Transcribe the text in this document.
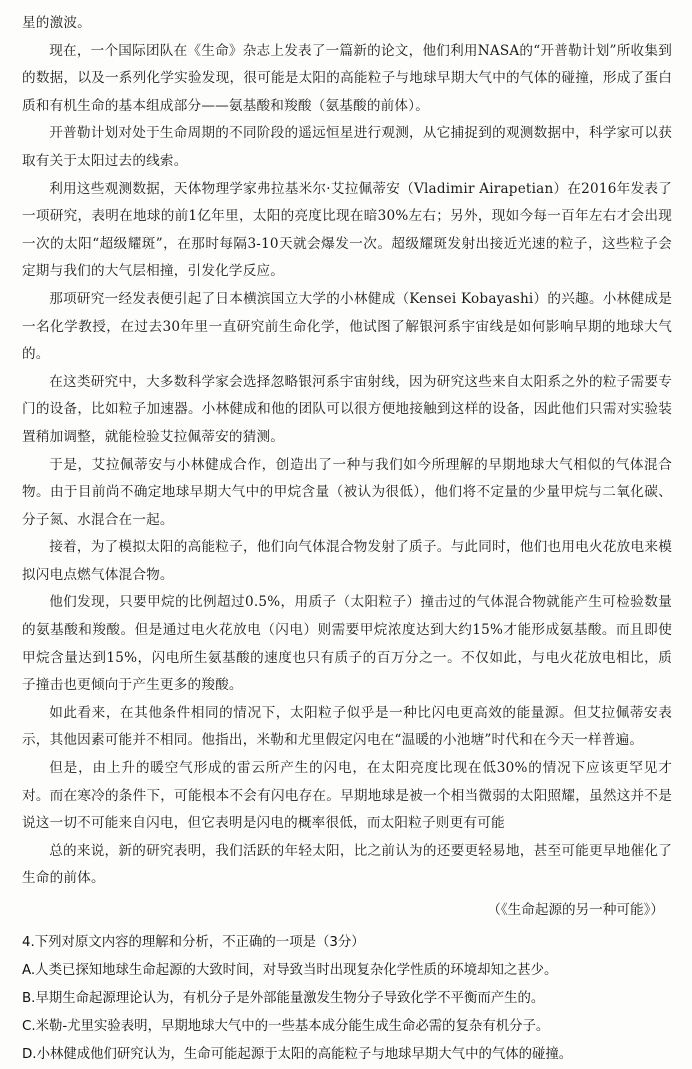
星的激波。

现在，一个国际团队在《生命》杂志上发表了一篇新的论文，他们利用NASA的“开普勒计划”所收集到的数据，以及一系列化学实验发现，很可能是太阳的高能粒子与地球早期大气中的气体的碰撞，形成了蛋白质和有机生命的基本组成部分——氨基酸和羧酸（氨基酸的前体）。

开普勒计划对处于生命周期的不同阶段的遥远恒星进行观测，从它捕捉到的观测数据中，科学家可以获取有关于太阳过去的线索。

利用这些观测数据，天体物理学家弗拉基米尔·艾拉佩蒂安（Vladimir Airapetian）在2016年发表了一项研究，表明在地球的前1亿年里，太阳的亮度比现在暗30%左右；另外，现如今每一百年左右才会出现一次的太阳“超级耀斑”，在那时每隔3-10天就会爆发一次。超级耀斑发射出接近光速的粒子，这些粒子会定期与我们的大气层相撞，引发化学反应。

那项研究一经发表便引起了日本横滨国立大学的小林健成（Kensei Kobayashi）的兴趣。小林健成是一名化学教授，在过去30年里一直研究前生命化学，他试图了解银河系宇宙线是如何影响早期的地球大气的。

在这类研究中，大多数科学家会选择忽略银河系宇宙射线，因为研究这些来自太阳系之外的粒子需要专门的设备，比如粒子加速器。小林健成和他的团队可以很方便地接触到这样的设备，因此他们只需对实验装置稍加调整，就能检验艾拉佩蒂安的猜测。

于是，艾拉佩蒂安与小林健成合作，创造出了一种与我们如今所理解的早期地球大气相似的气体混合物。由于目前尚不确定地球早期大气中的甲烷含量（被认为很低），他们将不定量的少量甲烷与二氧化碳、分子氮、水混合在一起。

接着，为了模拟太阳的高能粒子，他们向气体混合物发射了质子。与此同时，他们也用电火花放电来模拟闪电点燃气体混合物。

他们发现，只要甲烷的比例超过0.5%，用质子（太阳粒子）撞击过的气体混合物就能产生可检验数量的氨基酸和羧酸。但是通过电火花放电（闪电）则需要甲烷浓度达到大约15%才能形成氨基酸。而且即使甲烷含量达到15%，闪电所生氨基酸的速度也只有质子的百万分之一。不仅如此，与电火花放电相比，质子撞击也更倾向于产生更多的羧酸。

如此看来，在其他条件相同的情况下，太阳粒子似乎是一种比闪电更高效的能量源。但艾拉佩蒂安表示，其他因素可能并不相同。他指出，米勒和尤里假定闪电在“温暖的小池塘”时代和在今天一样普遍。

但是，由上升的暖空气形成的雷云所产生的闪电，在太阳亮度比现在低30%的情况下应该更罕见才对。而在寒冷的条件下，可能根本不会有闪电存在。早期地球是被一个相当微弱的太阳照耀，虽然这并不是说这一切不可能来自闪电，但它表明是闪电的概率很低，而太阳粒子则更有可能

总的来说，新的研究表明，我们活跃的年轻太阳，比之前认为的还要更轻易地，甚至可能更早地催化了生命的前体。

（《生命起源的另一种可能》）

4.下列对原文内容的理解和分析，不正确的一项是（3分）

A.人类已探知地球生命起源的大致时间，对导致当时出现复杂化学性质的环境却知之甚少。

B.早期生命起源理论认为，有机分子是外部能量激发生物分子导致化学不平衡而产生的。

C.米勒-尤里实验表明，早期地球大气中的一些基本成分能生成生命必需的复杂有机分子。

D.小林健成他们研究认为，生命可能起源于太阳的高能粒子与地球早期大气中的气体的碰撞。
